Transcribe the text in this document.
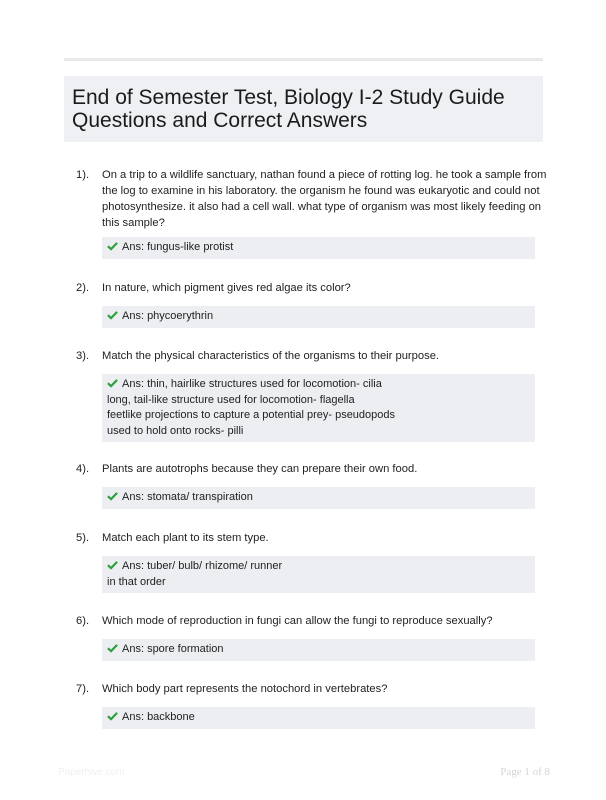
End of Semester Test, Biology I-2 Study Guide
Questions and Correct Answers
1). On a trip to a wildlife sanctuary, nathan found a piece of rotting log. he took a sample from
the log to examine in his laboratory. the organism he found was eukaryotic and could not
photosynthesize. it also had a cell wall. what type of organism was most likely feeding on
this sample?
Ans: fungus-like protist
2). In nature, which pigment gives red algae its color?
Ans: phycoerythrin
3). Match the physical characteristics of the organisms to their purpose.
Ans: thin, hairlike structures used for locomotion- cilia
long, tail-like structure used for locomotion- flagella
feetlike projections to capture a potential prey- pseudopods
used to hold onto rocks- pilli
4). Plants are autotrophs because they can prepare their own food.
Ans: stomata/ transpiration
5). Match each plant to its stem type.
Ans: tuber/ bulb/ rhizome/ runner
in that order
6). Which mode of reproduction in fungi can allow the fungi to reproduce sexually?
Ans: spore formation
7). Which body part represents the notochord in vertebrates?
Ans: backbone
Paperhive.com	Page 1 of 8
